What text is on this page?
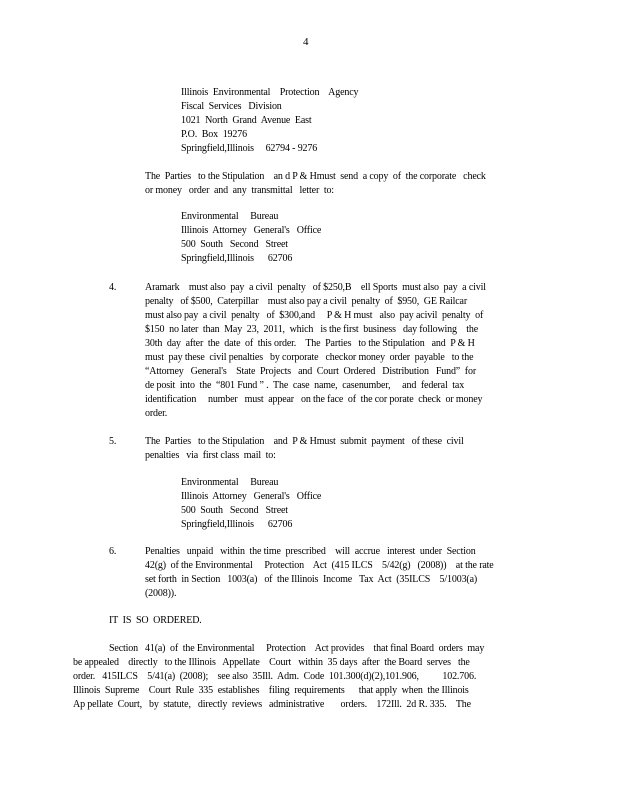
4
Illinois  Environmental    Protection    Agency
Fiscal  Services   Division
1021  North  Grand  Avenue  East
P.O.  Box  19276
Springfield,Illinois     62794 - 9276
The  Parties   to the Stipulation    an d P & Hmust  send  a copy  of  the corporate   check
or money   order  and  any  transmittal   letter  to:
Environmental     Bureau
Illinois  Attorney   General's   Office
500  South   Second   Street
Springfield,Illinois      62706
4.	Aramark    must also  pay  a civil  penalty   of $250,B    ell Sports  must also  pay  a civil
penalty   of $500,  Caterpillar    must also pay a civil  penalty  of  $950,  GE Railcar
must also pay  a civil  penalty   of  $300,and     P & H must   also  pay acivil  penalty  of
$150  no later  than  May  23,  2011,  which   is the first  business   day following    the
30th  day  after  the  date  of  this order.    The  Parties   to the Stipulation   and  P & H
must  pay these  civil penalties   by corporate   checkor money  order  payable   to the
“Attorney   General's    State  Projects   and  Court  Ordered   Distribution   Fund”  for
de posit  into  the  “801 Fund ” .  The  case  name,  casenumber,     and  federal  tax
identification     number   must  appear   on the face  of  the cor porate  check  or money
order.
5.	The  Parties   to the Stipulation    and  P & Hmust  submit  payment   of these  civil
penalties   via  first class  mail  to:
Environmental     Bureau
Illinois  Attorney   General's   Office
500  South   Second   Street
Springfield,Illinois      62706
6.	Penalties   unpaid   within  the time  prescribed    will  accrue   interest  under  Section
42(g)  of the Environmental     Protection    Act  (415 ILCS    5/42(g)   (2008))    at the rate
set forth  in Section   1003(a)   of  the Illinois  Income   Tax  Act  (35ILCS    5/1003(a)
(2008)).
IT  IS  SO  ORDERED.
Section   41(a)  of  the Environmental     Protection    Act provides    that final Board  orders  may
be appealed    directly   to the Illinois   Appellate    Court   within  35 days  after  the Board  serves   the
order.   415ILCS    5/41(a)  (2008);    see also  35Ill.  Adm.  Code  101.300(d)(2),101.906,          102.706.
Illinois  Supreme    Court  Rule  335  establishes    filing  requirements      that apply  when  the Illinois
Ap pellate  Court,   by  statute,   directly  reviews   administrative       orders.    172Ill.  2d R. 335.    The
